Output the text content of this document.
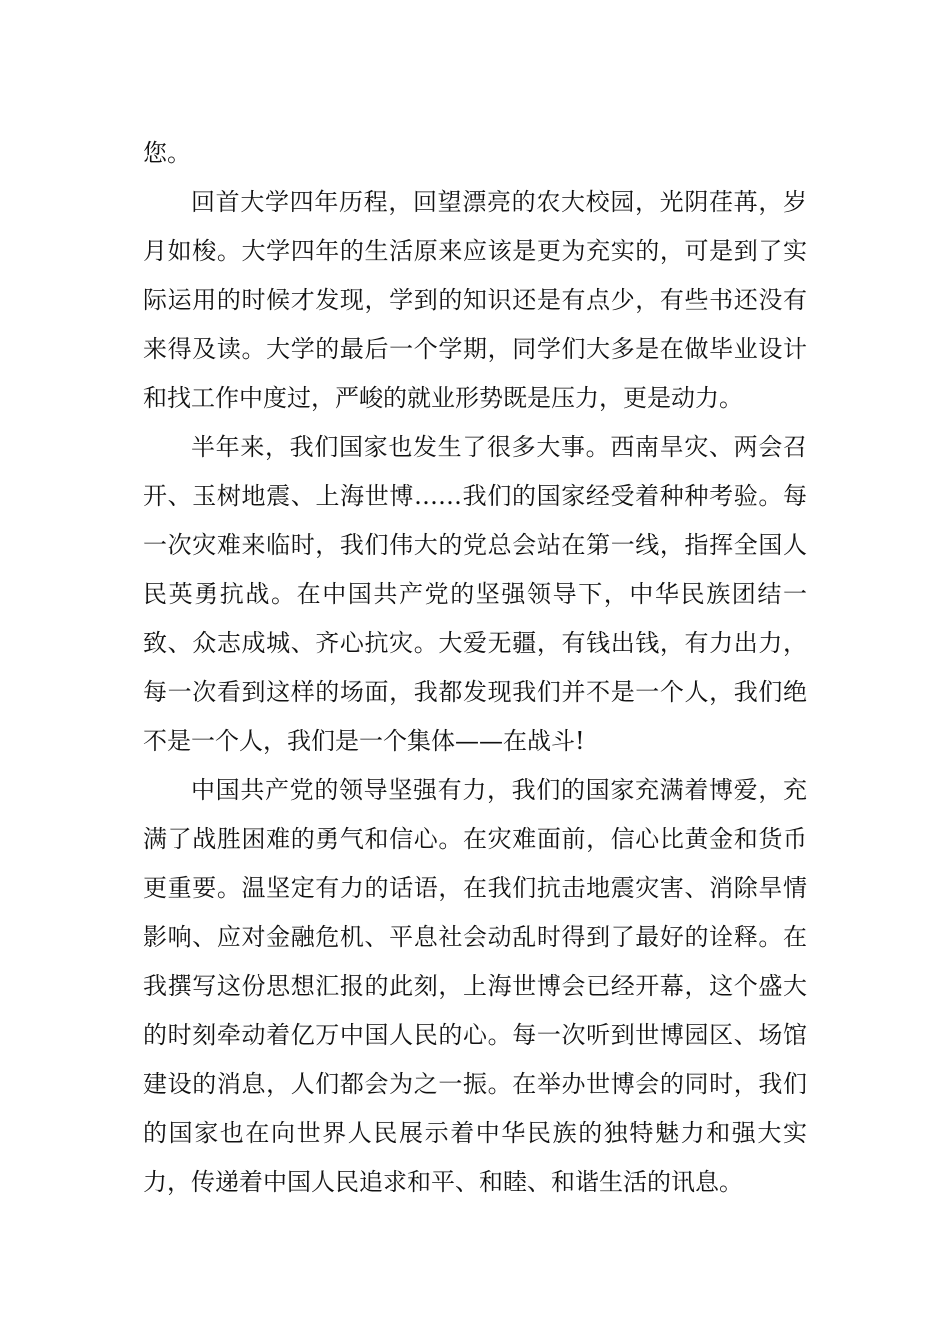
您。

回首大学四年历程，回望漂亮的农大校园，光阴荏苒，岁月如梭。大学四年的生活原来应该是更为充实的，可是到了实际运用的时候才发现，学到的知识还是有点少，有些书还没有来得及读。大学的最后一个学期，同学们大多是在做毕业设计和找工作中度过，严峻的就业形势既是压力，更是动力。

半年来，我们国家也发生了很多大事。西南旱灾、两会召开、玉树地震、上海世博……我们的国家经受着种种考验。每一次灾难来临时，我们伟大的党总会站在第一线，指挥全国人民英勇抗战。在中国共产党的坚强领导下，中华民族团结一致、众志成城、齐心抗灾。大爱无疆，有钱出钱，有力出力，每一次看到这样的场面，我都发现我们并不是一个人，我们绝不是一个人，我们是一个集体——在战斗!

中国共产党的领导坚强有力，我们的国家充满着博爱，充满了战胜困难的勇气和信心。在灾难面前，信心比黄金和货币更重要。温坚定有力的话语，在我们抗击地震灾害、消除旱情影响、应对金融危机、平息社会动乱时得到了最好的诠释。在我撰写这份思想汇报的此刻，上海世博会已经开幕，这个盛大的时刻牵动着亿万中国人民的心。每一次听到世博园区、场馆建设的消息，人们都会为之一振。在举办世博会的同时，我们的国家也在向世界人民展示着中华民族的独特魅力和强大实力，传递着中国人民追求和平、和睦、和谐生活的讯息。
